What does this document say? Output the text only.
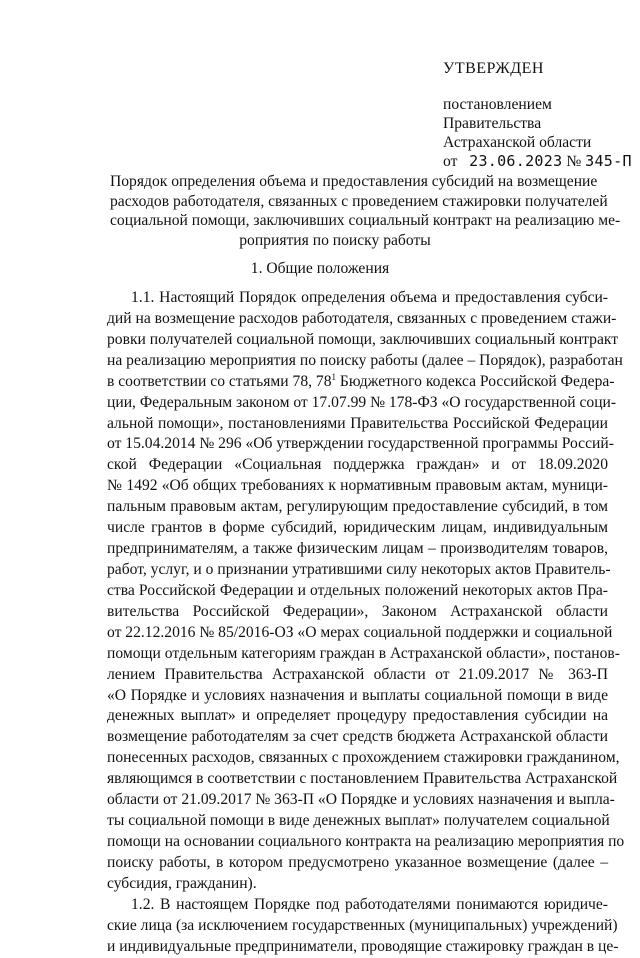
УТВЕРЖДЕН
постановлением
Правительства
Астраханской области
от 23.06.2023 № 345-П
Порядок определения объема и предоставления субсидий на возмещение
расходов работодателя, связанных с проведением стажировки получателей
социальной помощи, заключивших социальный контракт на реализацию ме-
роприятия по поиску работы
1. Общие положения
1.1. Настоящий Порядок определения объема и предоставления субси-
дий на возмещение расходов работодателя, связанных с проведением стажи-
ровки получателей социальной помощи, заключивших социальный контракт
на реализацию мероприятия по поиску работы (далее – Порядок), разработан
в соответствии со статьями 78, $78^1$ Бюджетного кодекса Российской Федера-
ции, Федеральным законом от 17.07.99 № 178-ФЗ «О государственной соци-
альной помощи», постановлениями Правительства Российской Федерации
от 15.04.2014 № 296 «Об утверждении государственной программы Россий-
ской Федерации «Социальная поддержка граждан» и от 18.09.2020
№ 1492 «Об общих требованиях к нормативным правовым актам, муници-
пальным правовым актам, регулирующим предоставление субсидий, в том
числе грантов в форме субсидий, юридическим лицам, индивидуальным
предпринимателям, а также физическим лицам – производителям товаров,
работ, услуг, и о признании утратившими силу некоторых актов Правитель-
ства Российской Федерации и отдельных положений некоторых актов Пра-
вительства Российской Федерации», Законом Астраханской области
от 22.12.2016 № 85/2016-ОЗ «О мерах социальной поддержки и социальной
помощи отдельным категориям граждан в Астраханской области», постанов-
лением Правительства Астраханской области от 21.09.2017 № 363-П
«О Порядке и условиях назначения и выплаты социальной помощи в виде
денежных выплат» и определяет процедуру предоставления субсидии на
возмещение работодателям за счет средств бюджета Астраханской области
понесенных расходов, связанных с прохождением стажировки гражданином,
являющимся в соответствии с постановлением Правительства Астраханской
области от 21.09.2017 № 363-П «О Порядке и условиях назначения и выпла-
ты социальной помощи в виде денежных выплат» получателем социальной
помощи на основании социального контракта на реализацию мероприятия по
поиску работы, в котором предусмотрено указанное возмещение (далее –
субсидия, гражданин).
1.2. В настоящем Порядке под работодателями понимаются юридиче-
ские лица (за исключением государственных (муниципальных) учреждений)
и индивидуальные предприниматели, проводящие стажировку граждан в це-
